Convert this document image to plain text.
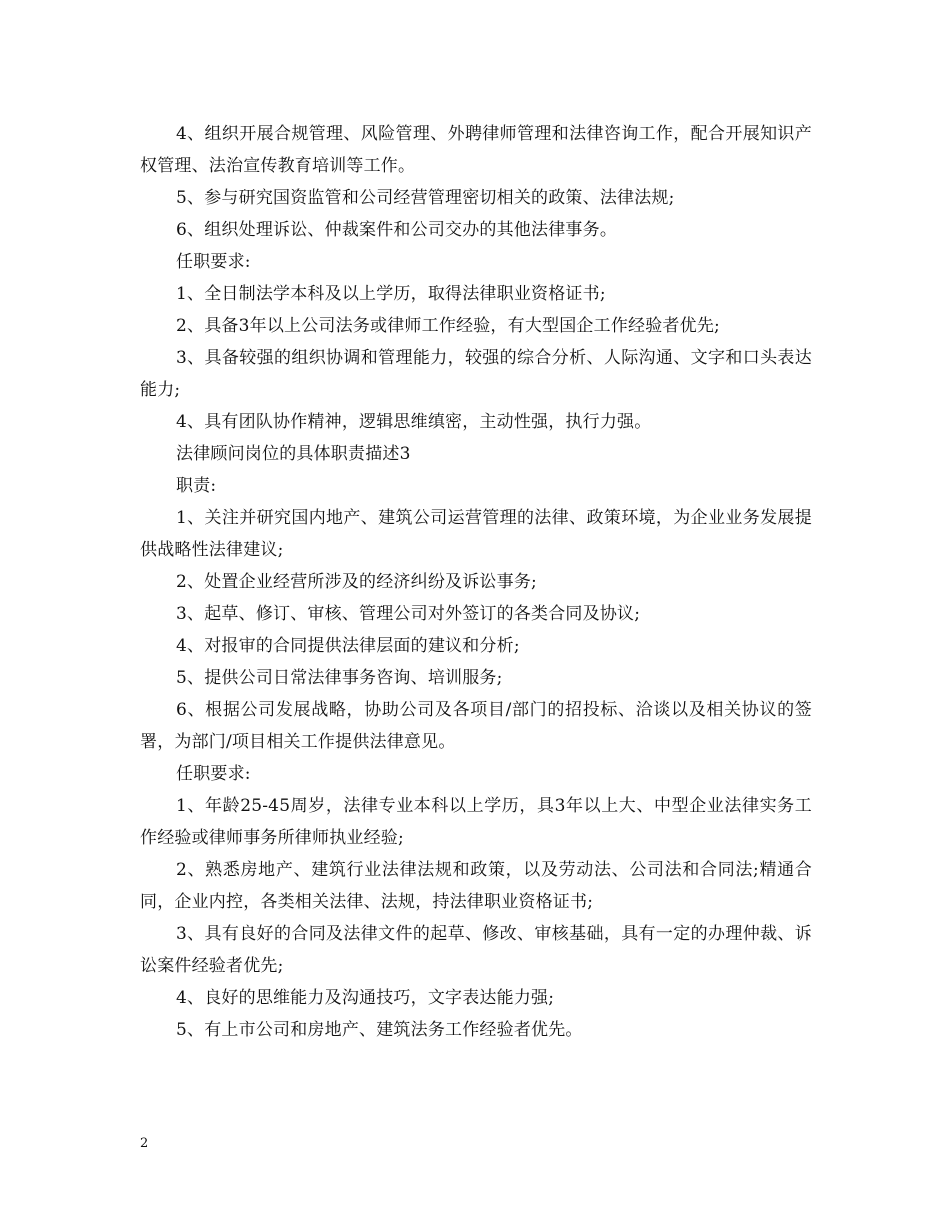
4、组织开展合规管理、风险管理、外聘律师管理和法律咨询工作，配合开展知识产权管理、法治宣传教育培训等工作。

5、参与研究国资监管和公司经营管理密切相关的政策、法律法规;

6、组织处理诉讼、仲裁案件和公司交办的其他法律事务。

任职要求:

1、全日制法学本科及以上学历，取得法律职业资格证书;

2、具备3年以上公司法务或律师工作经验，有大型国企工作经验者优先;

3、具备较强的组织协调和管理能力，较强的综合分析、人际沟通、文字和口头表达能力;

4、具有团队协作精神，逻辑思维缜密，主动性强，执行力强。

法律顾问岗位的具体职责描述3

职责:

1、关注并研究国内地产、建筑公司运营管理的法律、政策环境，为企业业务发展提供战略性法律建议;

2、处置企业经营所涉及的经济纠纷及诉讼事务;

3、起草、修订、审核、管理公司对外签订的各类合同及协议;

4、对报审的合同提供法律层面的建议和分析;

5、提供公司日常法律事务咨询、培训服务;

6、根据公司发展战略，协助公司及各项目/部门的招投标、洽谈以及相关协议的签署，为部门/项目相关工作提供法律意见。

任职要求:

1、年龄25-45周岁，法律专业本科以上学历，具3年以上大、中型企业法律实务工作经验或律师事务所律师执业经验;

2、熟悉房地产、建筑行业法律法规和政策，以及劳动法、公司法和合同法;精通合同，企业内控，各类相关法律、法规，持法律职业资格证书;

3、具有良好的合同及法律文件的起草、修改、审核基础，具有一定的办理仲裁、诉讼案件经验者优先;

4、良好的思维能力及沟通技巧，文字表达能力强;

5、有上市公司和房地产、建筑法务工作经验者优先。

2
